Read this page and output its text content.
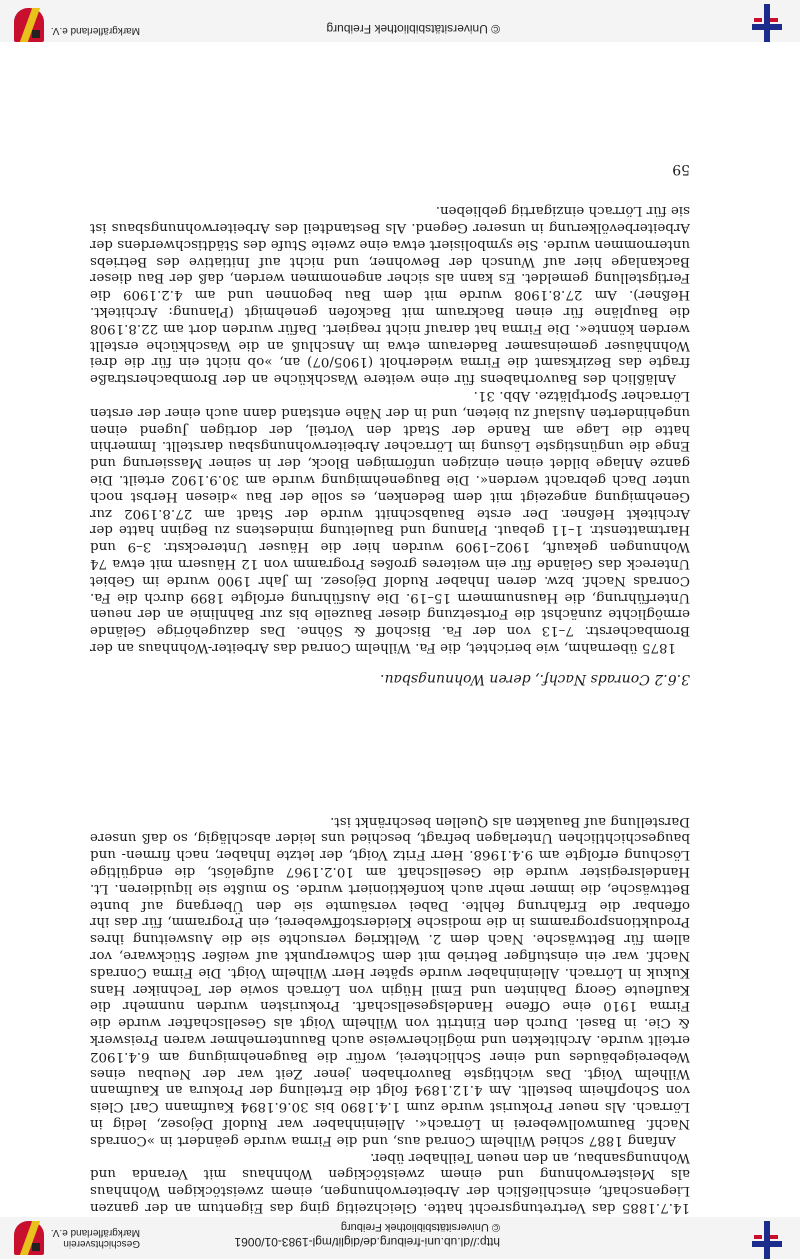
http://dl.ub.uni-freiburg.de/diglit/mgl-1983-01/0061
© Universitätsbibliothek Freiburg
Geschichtsverein
Markgräflerland e.V.

14.7.1885 das Vertretungsrecht hatte. Gleichzeitig ging das Eigentum an der ganzen Liegenschaft, einschließlich der Arbeiterwohnungen, einem zweistöckigen Wohnhaus als Meisterwohnung und einem zweistöckigen Wohnhaus mit Veranda und Wohnungsanbau, an den neuen Teilhaber über.

Anfang 1887 schied Wilhelm Conrad aus, und die Firma wurde geändert in »Conrads Nachf. Baumwollweberei in Lörrach«. Alleininhaber war Rudolf Déjosez, ledig in Lörrach. Als neuer Prokurist wurde zum 1.4.1890 bis 30.6.1894 Kaufmann Carl Cleis von Schopfheim bestellt. Am 4.12.1894 folgt die Erteilung der Prokura an Kaufmann Wilhelm Voigt. Das wichtigste Bauvorhaben jener Zeit war der Neubau eines Webereigebäudes und einer Schlichterei, wofür die Baugenehmigung am 6.4.1902 erteilt wurde. Architekten und möglicherweise auch Bauunternehmer waren Preiswerk & Cie. in Basel. Durch den Eintritt von Wilhelm Voigt als Gesellschafter wurde die Firma 1910 eine Offene Handelsgesellschaft. Prokuristen wurden nunmehr die Kaufleute Georg Dahinten und Emil Hügin von Lörrach sowie der Techniker Hans Kukuk in Lörrach. Alleininhaber wurde später Herr Wilhelm Voigt. Die Firma Conrads Nachf. war ein einstufiger Betrieb mit dem Schwerpunkt auf weißer Stückware, vor allem für Bettwäsche. Nach dem 2. Weltkrieg versuchte sie die Ausweitung ihres Produktionsprogramms in die modische Kleiderstoffweberei, ein Programm, für das ihr offenbar die Erfahrung fehlte. Dabei versäumte sie den Übergang auf bunte Bettwäsche, die immer mehr auch konfektioniert wurde. So mußte sie liquidieren. Lt. Handelsregister wurde die Gesellschaft am 10.2.1967 aufgelöst, die endgültige Löschung erfolgte am 9.4.1968. Herr Fritz Voigt, der letzte Inhaber, nach firmen- und baugeschichtlichen Unterlagen befragt, beschied uns leider abschlägig, so daß unsere Darstellung auf Bauakten als Quellen beschränkt ist.

3.6.2 Conrads Nachf., deren Wohnungsbau.

1875 übernahm, wie berichtet, die Fa. Wilhelm Conrad das Arbeiter-Wohnhaus an der Brombacherstr. 7–13 von der Fa. Bischoff & Söhne. Das dazugehörige Gelände ermöglichte zunächst die Fortsetzung dieser Bauzeile bis zur Bahnlinie an der neuen Unterführung, die Hausnummern 15–19. Die Ausführung erfolgte 1899 durch die Fa. Conrads Nachf. bzw. deren Inhaber Rudolf Déjosez. Im Jahr 1900 wurde im Gebiet Untereck das Gelände für ein weiteres großes Programm von 12 Häusern mit etwa 74 Wohnungen gekauft, 1902–1909 wurden hier die Häuser Untereckstr. 3–9 und Hartmattenstr. 1–11 gebaut. Planung und Bauleitung mindestens zu Beginn hatte der Architekt Heßner. Der erste Bauabschnitt wurde der Stadt am 27.8.1902 zur Genehmigung angezeigt mit dem Bedenken, es solle der Bau »diesen Herbst noch unter Dach gebracht werden«. Die Baugenehmigung wurde am 30.9.1902 erteilt. Die ganze Anlage bildet einen einzigen unförmigen Block, der in seiner Massierung und Enge die ungünstigste Lösung im Lörracher Arbeiterwohnungsbau darstellt. Immerhin hatte die Lage am Rande der Stadt den Vorteil, der dortigen Jugend einen ungehinderten Auslauf zu bieten, und in der Nähe entstand dann auch einer der ersten Lörracher Sportplätze. Abb. 31.

Anläßlich des Bauvorhabens für eine weitere Waschküche an der Brombacherstraße fragte das Bezirksamt die Firma wiederholt (1905/07) an, »ob nicht ein für die drei Wohnhäuser gemeinsamer Baderaum etwa im Anschluß an die Waschküche erstellt werden könnte«. Die Firma hat darauf nicht reagiert. Dafür wurden dort am 22.8.1908 die Baupläne für einen Backraum mit Backofen genehmigt (Planung: Architekt. Heßner). Am 27.8.1908 wurde mit dem Bau begonnen und am 4.2.1909 die Fertigstellung gemeldet. Es kann als sicher angenommen werden, daß der Bau dieser Backanlage hier auf Wunsch der Bewohner, und nicht auf Initiative des Betriebs unternommen wurde. Sie symbolisiert etwa eine zweite Stufe des Städtischwerdens der Arbeiterbevölkerung in unserer Gegend. Als Bestandteil des Arbeiterwohnungsbaus ist sie für Lörrach einzigartig geblieben.

59
© Universitätsbibliothek Freiburg
Markgräflerland e.V.
